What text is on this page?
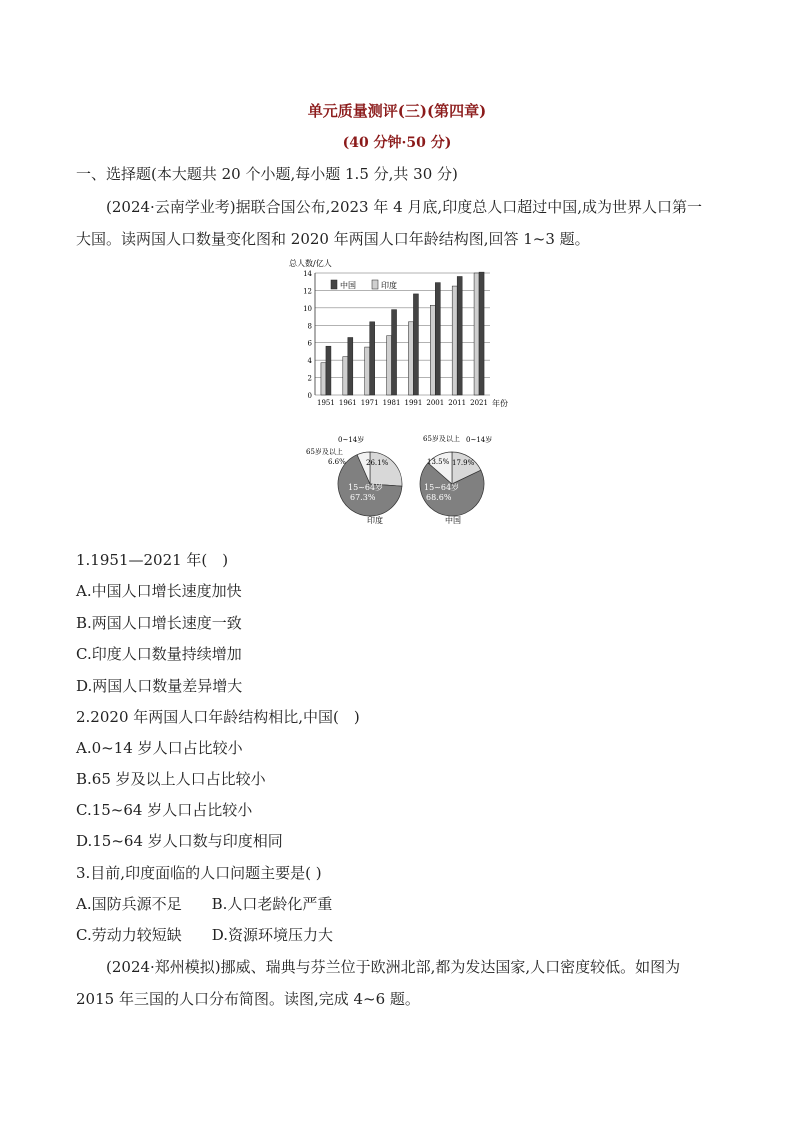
单元质量测评(三)(第四章)
(40 分钟·50 分)
一、选择题(本大题共 20 个小题,每小题 1.5 分,共 30 分)
(2024·云南学业考)据联合国公布,2023 年 4 月底,印度总人口超过中国,成为世界人口第一
大国。读两国人口数量变化图和 2020 年两国人口年龄结构图,回答 1~3 题。
总人数/亿人
年份
0
2
4
6
8
10
12
14
1951 1961 1971 1981 1991 2001 2011 2021
中国	印度
0~14岁
65岁及以上
6.6%	26.1%
15~64岁
67.3%
印度
65岁及以上 0~14岁
13.5% 17.9%
15~64岁
68.6%
中国
1.1951—2021 年(　)
A.中国人口增长速度加快
B.两国人口增长速度一致
C.印度人口数量持续增加
D.两国人口数量差异增大
2.2020 年两国人口年龄结构相比,中国(　)
A.0~14 岁人口占比较小
B.65 岁及以上人口占比较小
C.15~64 岁人口占比较小
D.15~64 岁人口数与印度相同
3.目前,印度面临的人口问题主要是( )
A.国防兵源不足　　B.人口老龄化严重
C.劳动力较短缺　　D.资源环境压力大
(2024·郑州模拟)挪威、瑞典与芬兰位于欧洲北部,都为发达国家,人口密度较低。如图为
2015 年三国的人口分布简图。读图,完成 4~6 题。
